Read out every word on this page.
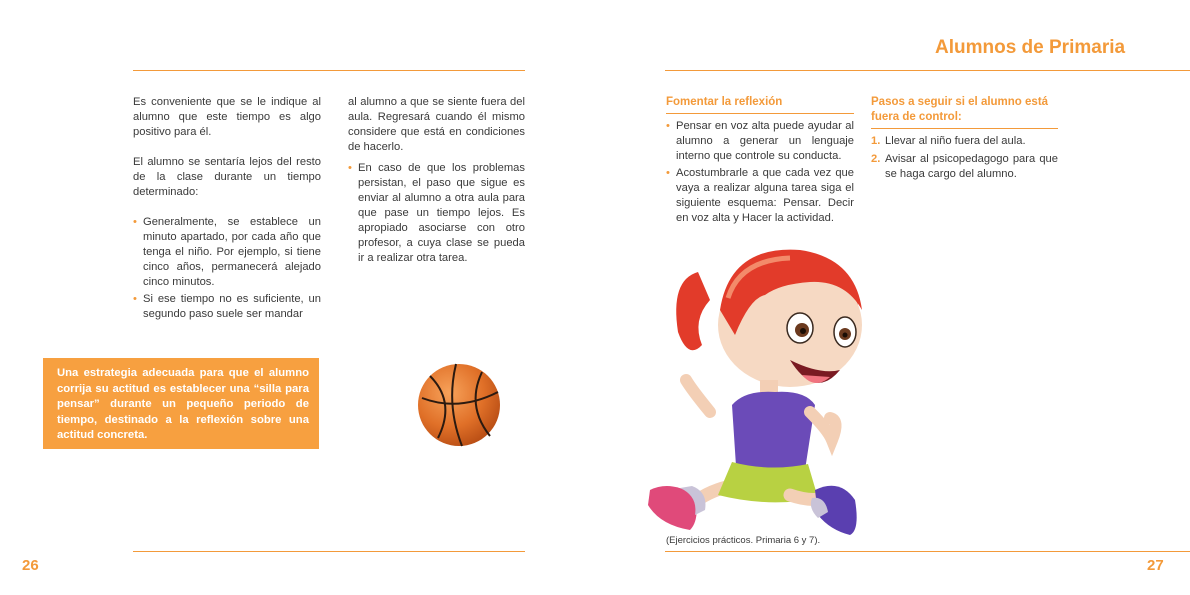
Es conveniente que se le indique al alumno que este tiempo es algo positivo para él.

El alumno se sentaría lejos del resto de la clase durante un tiempo determinado:

• Generalmente, se establece un minuto apartado, por cada año que tenga el niño. Por ejemplo, si tiene cinco años, permanecerá alejado cinco minutos.

• Si ese tiempo no es suficiente, un segundo paso suele ser mandar

al alumno a que se siente fuera del aula. Regresará cuando él mismo considere que está en condiciones de hacerlo.

• En caso de que los problemas persistan, el paso que sigue es enviar al alumno a otra aula para que pase un tiempo lejos. Es apropiado asociarse con otro profesor, a cuya clase se pueda ir a realizar otra tarea.

Una estrategia adecuada para que el alumno corrija su actitud es establecer una “silla para pensar” durante un pequeño periodo de tiempo, destinado a la reflexión sobre una actitud concreta.
26
Alumnos de Primaria
Fomentar la reflexión

• Pensar en voz alta puede ayudar al alumno a generar un lenguaje interno que controle su conducta.

• Acostumbrarle a que cada vez que vaya a realizar alguna tarea siga el siguiente esquema: Pensar. Decir en voz alta y Hacer la actividad.

Pasos a seguir si el alumno está fuera de control:

1. Llevar al niño fuera del aula.

2. Avisar al psicopedagogo para que se haga cargo del alumno.

(Ejercicios prácticos. Primaria 6 y 7).
27
